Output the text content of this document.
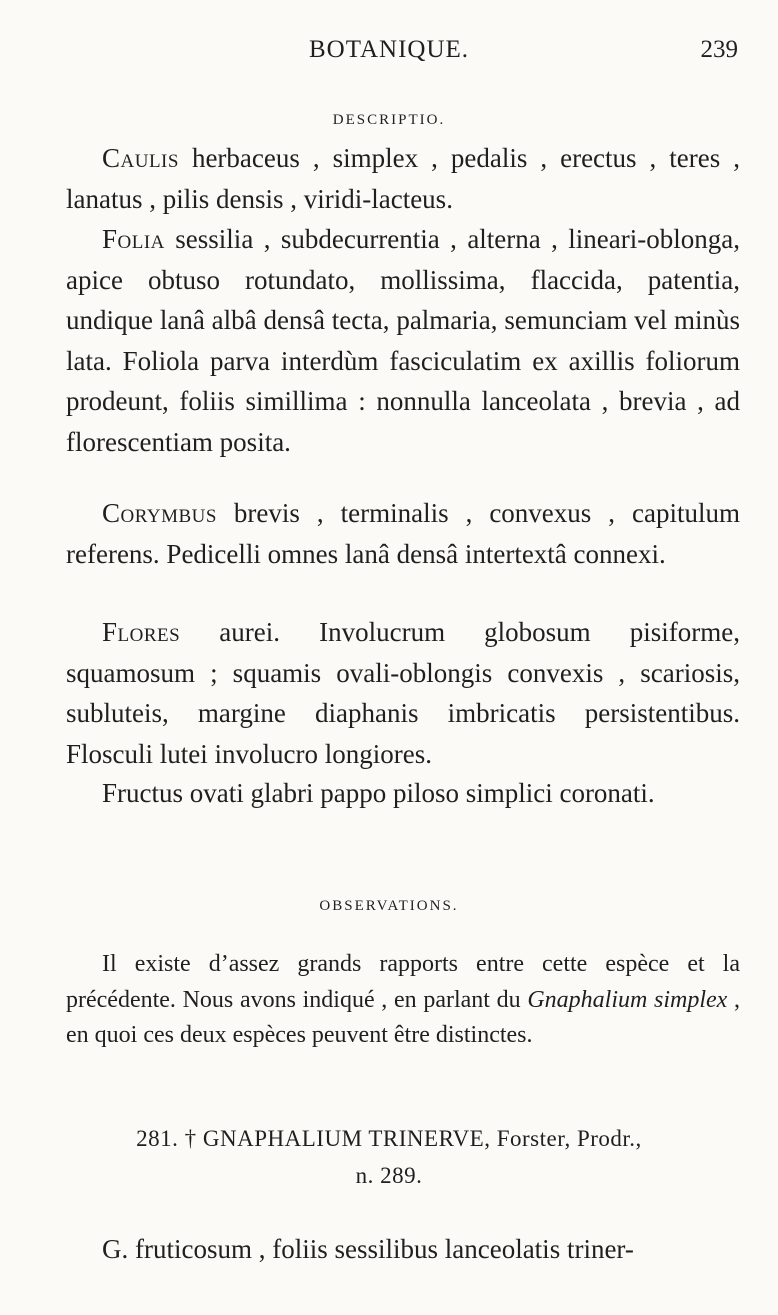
BOTANIQUE.	239
DESCRIPTIO.

Caulis herbaceus , simplex , pedalis , erectus , teres , lanatus , pilis densis , viridi-lacteus.

Folia sessilia , subdecurrentia , alterna , lineari-oblonga, apice obtuso rotundato, mollissima, flaccida, patentia, undique lanâ albâ densâ tecta, palmaria, semunciam vel minùs lata. Foliola parva interdùm fasciculatim ex axillis foliorum prodeunt, foliis simillima : nonnulla lanceolata , brevia , ad florescentiam posita.

Corymbus brevis , terminalis , convexus , capitulum referens. Pedicelli omnes lanâ densâ intertextâ connexi.

Flores aurei. Involucrum globosum pisiforme, squamosum ; squamis ovali-oblongis convexis , scariosis, subluteis, margine diaphanis imbricatis persistentibus. Flosculi lutei involucro longiores.

Fructus ovati glabri pappo piloso simplici coronati.

OBSERVATIONS.

Il existe d’assez grands rapports entre cette espèce et la précédente. Nous avons indiqué , en parlant du Gnaphalium simplex , en quoi ces deux espèces peuvent être distinctes.

281. † GNAPHALIUM TRINERVE, Forster, Prodr.,
n. 289.

G. fruticosum , foliis sessilibus lanceolatis triner-
